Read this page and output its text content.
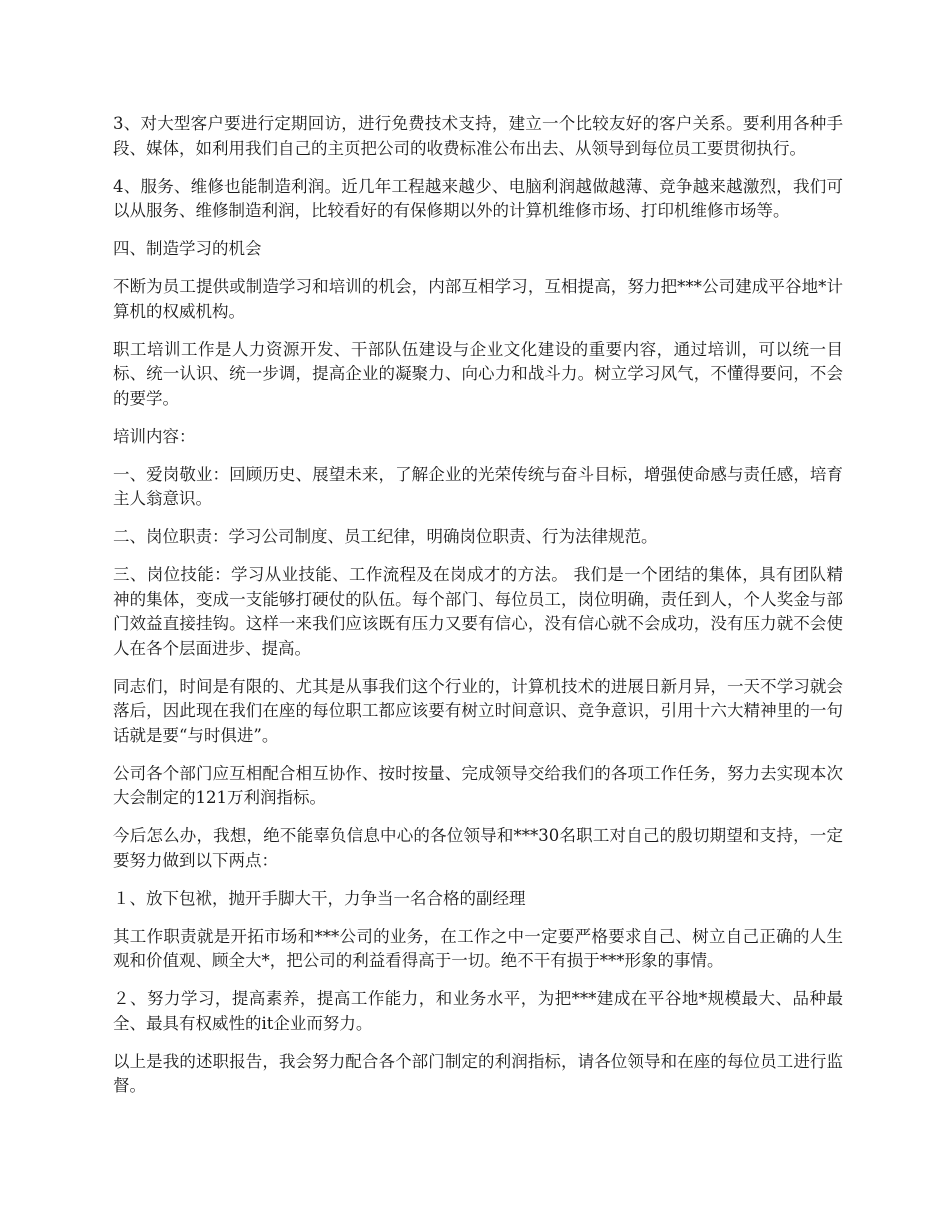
3、对大型客户要进行定期回访，进行免费技术支持，建立一个比较友好的客户关系。要利用各种手段、媒体，如利用我们自己的主页把公司的收费标准公布出去、从领导到每位员工要贯彻执行。

4、服务、维修也能制造利润。近几年工程越来越少、电脑利润越做越薄、竞争越来越激烈，我们可以从服务、维修制造利润，比较看好的有保修期以外的计算机维修市场、打印机维修市场等。

四、制造学习的机会

不断为员工提供或制造学习和培训的机会，内部互相学习，互相提高，努力把***公司建成平谷地*计算机的权威机构。

职工培训工作是人力资源开发、干部队伍建设与企业文化建设的重要内容，通过培训，可以统一目标、统一认识、统一步调，提高企业的凝聚力、向心力和战斗力。树立学习风气，不懂得要问，不会的要学。

培训内容：

一、爱岗敬业：回顾历史、展望未来，了解企业的光荣传统与奋斗目标，增强使命感与责任感，培育主人翁意识。

二、岗位职责：学习公司制度、员工纪律，明确岗位职责、行为法律规范。

三、岗位技能：学习从业技能、工作流程及在岗成才的方法。 我们是一个团结的集体，具有团队精神的集体，变成一支能够打硬仗的队伍。每个部门、每位员工，岗位明确，责任到人，个人奖金与部门效益直接挂钩。这样一来我们应该既有压力又要有信心，没有信心就不会成功，没有压力就不会使人在各个层面进步、提高。

同志们，时间是有限的、尤其是从事我们这个行业的，计算机技术的进展日新月异，一天不学习就会落后，因此现在我们在座的每位职工都应该要有树立时间意识、竞争意识，引用十六大精神里的一句话就是要“与时俱进”。

公司各个部门应互相配合相互协作、按时按量、完成领导交给我们的各项工作任务，努力去实现本次大会制定的121万利润指标。

今后怎么办，我想，绝不能辜负信息中心的各位领导和***30名职工对自己的殷切期望和支持，一定要努力做到以下两点：

１、放下包袱，抛开手脚大干，力争当一名合格的副经理

其工作职责就是开拓市场和***公司的业务，在工作之中一定要严格要求自己、树立自己正确的人生观和价值观、顾全大*，把公司的利益看得高于一切。绝不干有损于***形象的事情。

２、努力学习，提高素养，提高工作能力，和业务水平，为把***建成在平谷地*规模最大、品种最全、最具有权威性的it企业而努力。

以上是我的述职报告，我会努力配合各个部门制定的利润指标，请各位领导和在座的每位员工进行监督。
